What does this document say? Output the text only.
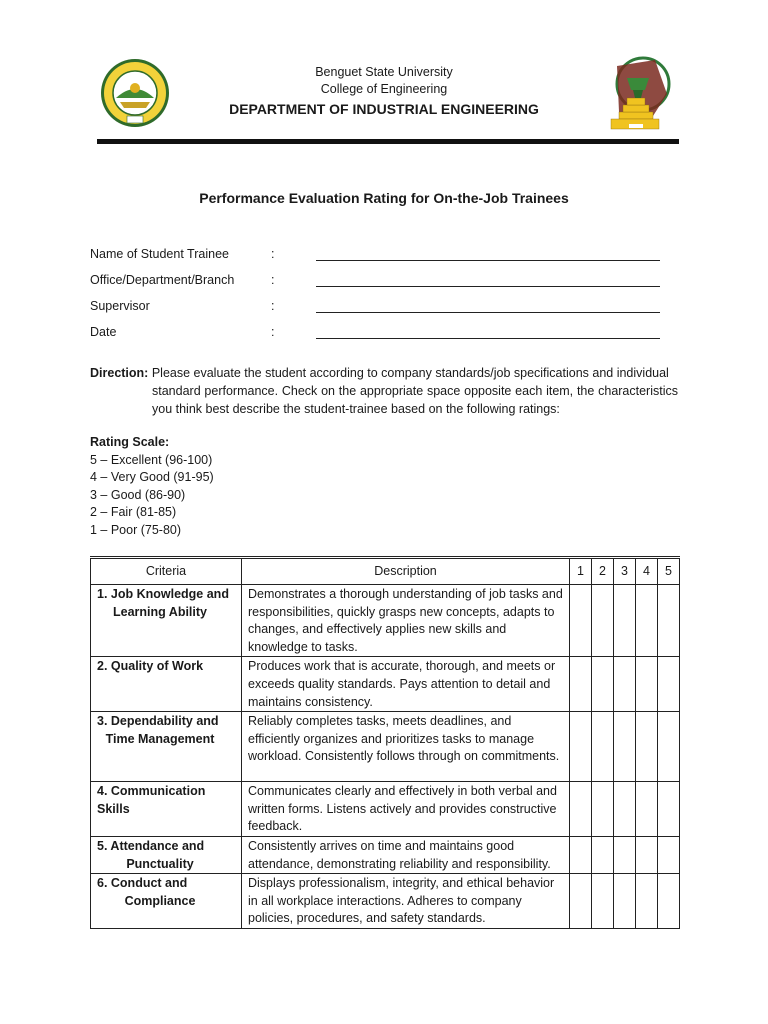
Benguet State University
College of Engineering
DEPARTMENT OF INDUSTRIAL ENGINEERING
Performance Evaluation Rating for On-the-Job Trainees
Name of Student Trainee	:
Office/Department/Branch	:
Supervisor	:
Date	:
Direction: Please evaluate the student according to company standards/job specifications and individual
standard performance. Check on the appropriate space opposite each item, the characteristics you think best describe the student-trainee based on the following ratings:
Rating Scale:
5 – Excellent (96-100)
4 – Very Good (91-95)
3 – Good (86-90)
2 – Fair (81-85)
1 – Poor (75-80)
Criteria	Description	1	2	3	4	5

1. Job Knowledge and
Learning Ability	Demonstrates a thorough understanding of job tasks and responsibilities, quickly grasps new concepts, adapts to changes, and effectively applies new skills and knowledge to tasks.					

2. Quality of Work	Produces work that is accurate, thorough, and meets or exceeds quality standards. Pays attention to detail and maintains consistency.					

3. Dependability and
Time Management	Reliably completes tasks, meets deadlines, and efficiently organizes and prioritizes tasks to manage workload. Consistently follows through on commitments.					

4. Communication Skills	Communicates clearly and effectively in both verbal and written forms. Listens actively and provides constructive feedback.					

5. Attendance and
Punctuality	Consistently arrives on time and maintains good attendance, demonstrating reliability and responsibility.					

6. Conduct and
Compliance	Displays professionalism, integrity, and ethical behavior in all workplace interactions. Adheres to company policies, procedures, and safety standards.					
